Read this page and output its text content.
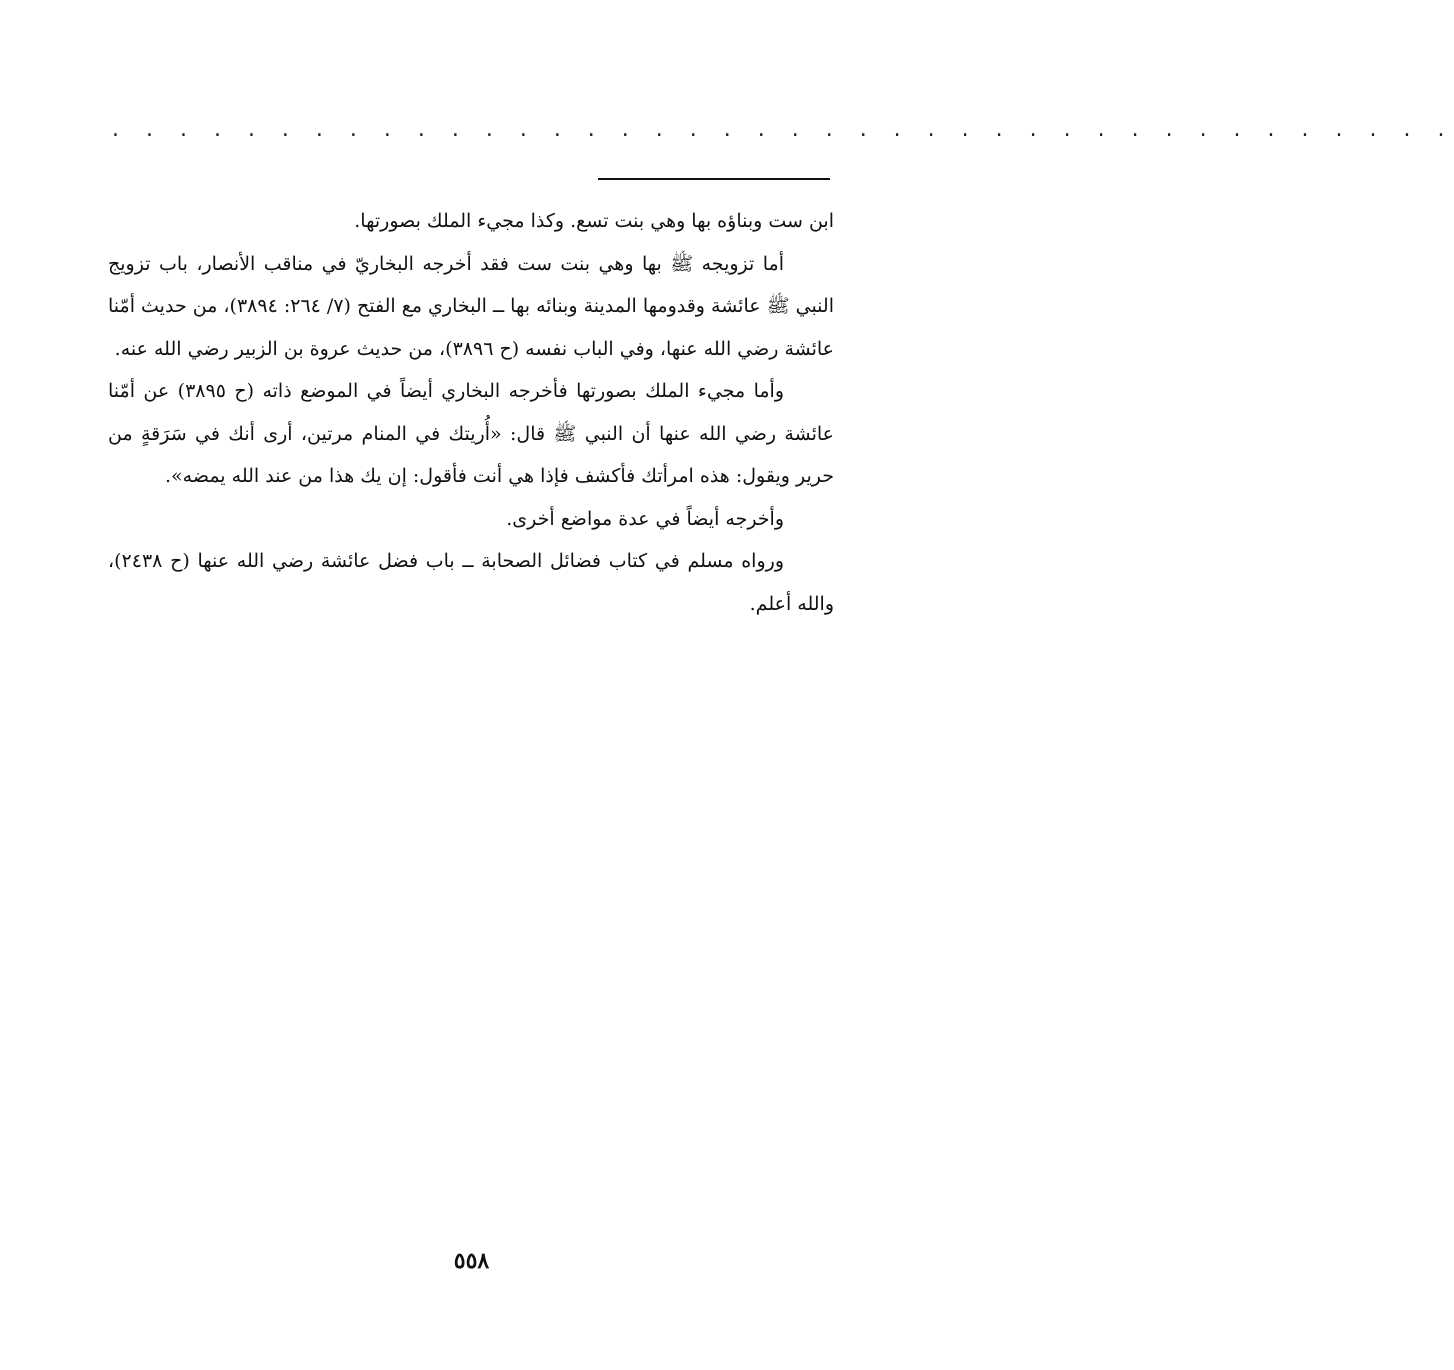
. . . . . . . . . . . . . . . . . . . . . . . . . . . . . . . . . . . . . . . .

ابن ست وبناؤه بها وهي بنت تسع. وكذا مجيء الملك بصورتها.

أما تزويجه ﷺ بها وهي بنت ست فقد أخرجه البخاريّ في مناقب الأنصار، باب تزويج النبي ﷺ عائشة وقدومها المدينة وبنائه بها ــ البخاري مع الفتح (٧/ ٢٦٤: ٣٨٩٤)، من حديث أمّنا عائشة رضي الله عنها، وفي الباب نفسه (ح ٣٨٩٦)، من حديث عروة بن الزبير رضي الله عنه.

وأما مجيء الملك بصورتها فأخرجه البخاري أيضاً في الموضع ذاته (ح ٣٨٩٥) عن أمّنا عائشة رضي الله عنها أن النبي ﷺ قال: «أُريتك في المنام مرتين، أرى أنك في سَرَقةٍ من حرير ويقول: هذه امرأتك فأكشف فإذا هي أنت فأقول: إن يك هذا من عند الله يمضه».

وأخرجه أيضاً في عدة مواضع أخرى.

ورواه مسلم في كتاب فضائل الصحابة ــ باب فضل عائشة رضي الله عنها (ح ٢٤٣٨)، والله أعلم.

٥٥٨
